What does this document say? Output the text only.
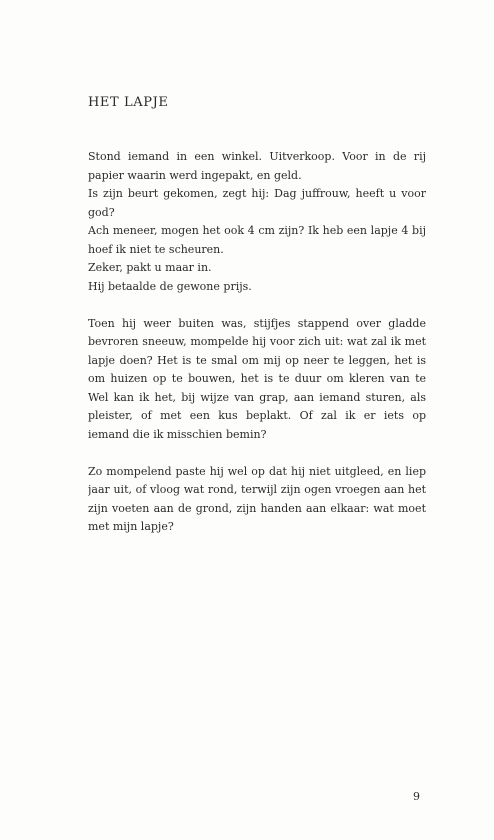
HET LAPJE
Stond iemand in een winkel. Uitverkoop. Voor in de rij
papier waarin werd ingepakt, en geld.
Is zijn beurt gekomen, zegt hij: Dag juffrouw, heeft u voor
god?
Ach meneer, mogen het ook 4 cm zijn? Ik heb een lapje 4 bij
hoef ik niet te scheuren.
Zeker, pakt u maar in.
Hij betaalde de gewone prijs.
Toen hij weer buiten was, stijfjes stappend over gladde
bevroren sneeuw, mompelde hij voor zich uit: wat zal ik met
lapje doen? Het is te smal om mij op neer te leggen, het is
om huizen op te bouwen, het is te duur om kleren van te
Wel kan ik het, bij wijze van grap, aan iemand sturen, als
pleister, of met een kus beplakt. Of zal ik er iets op
iemand die ik misschien bemin?
Zo mompelend paste hij wel op dat hij niet uitgleed, en liep
jaar uit, of vloog wat rond, terwijl zijn ogen vroegen aan het
zijn voeten aan de grond, zijn handen aan elkaar: wat moet
met mijn lapje?
9
